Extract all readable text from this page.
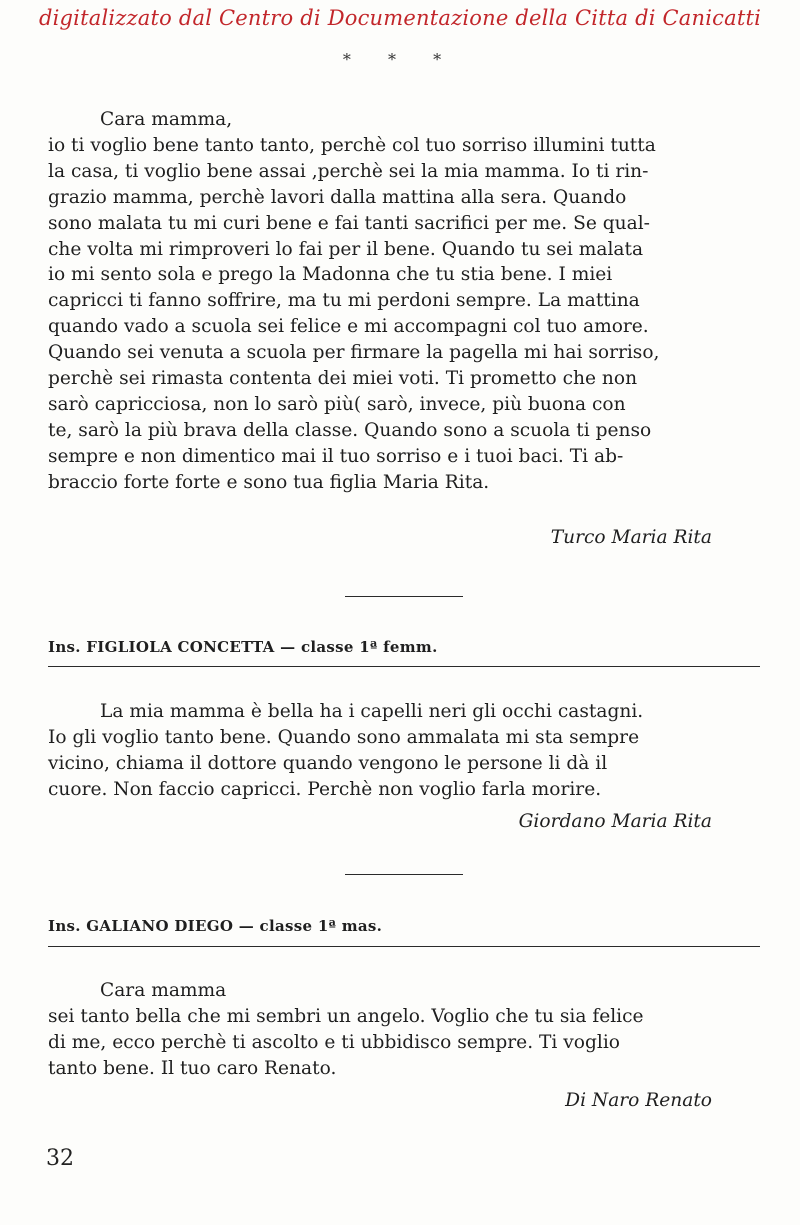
digitalizzato dal Centro di Documentazione della Citta di Canicatti
* * *
Cara mamma,
io ti voglio bene tanto tanto, perchè col tuo sorriso illumini tutta
la casa, ti voglio bene assai ,perchè sei la mia mamma. Io ti rin-
grazio mamma, perchè lavori dalla mattina alla sera. Quando
sono malata tu mi curi bene e fai tanti sacrifici per me. Se qual-
che volta mi rimproveri lo fai per il bene. Quando tu sei malata
io mi sento sola e prego la Madonna che tu stia bene. I miei
capricci ti fanno soffrire, ma tu mi perdoni sempre. La mattina
quando vado a scuola sei felice e mi accompagni col tuo amore.
Quando sei venuta a scuola per firmare la pagella mi hai sorriso,
perchè sei rimasta contenta dei miei voti. Ti prometto che non
sarò capricciosa, non lo sarò più( sarò, invece, più buona con
te, sarò la più brava della classe. Quando sono a scuola ti penso
sempre e non dimentico mai il tuo sorriso e i tuoi baci. Ti ab-
braccio forte forte e sono tua figlia Maria Rita.
Turco Maria Rita
Ins. FIGLIOLA CONCETTA — classe 1ª femm.
La mia mamma è bella ha i capelli neri gli occhi castagni.
Io gli voglio tanto bene. Quando sono ammalata mi sta sempre
vicino, chiama il dottore quando vengono le persone li dà il
cuore. Non faccio capricci. Perchè non voglio farla morire.
Giordano Maria Rita
Ins. GALIANO DIEGO — classe 1ª mas.
Cara mamma
sei tanto bella che mi sembri un angelo. Voglio che tu sia felice
di me, ecco perchè ti ascolto e ti ubbidisco sempre. Ti voglio
tanto bene. Il tuo caro Renato.
Di Naro Renato
32
